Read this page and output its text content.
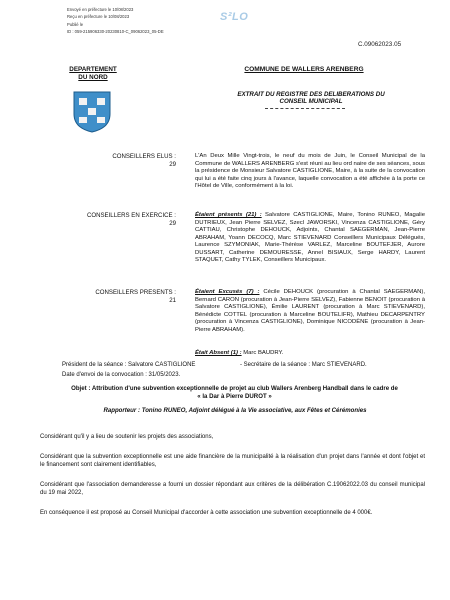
Envoyé en préfecture le 10/08/2023
Reçu en préfecture le 10/08/2023
Publié le
ID : 059-215906330-20230810-C_09062023_05-DE
S²LO
C.09062023.05
DEPARTEMENT
DU NORD
COMMUNE DE WALLERS ARENBERG
EXTRAIT DU REGISTRE DES DELIBERATIONS DU
CONSEIL MUNICIPAL
CONSEILLERS ELUS :
29
L'An Deux Mille Vingt-trois, le neuf du mois de Juin, le Conseil Municipal de la Commune de WALLERS ARENBERG s'est réuni au lieu ord naire de ses séances, sous la présidence de Monsieur Salvatore CASTIGLIONE, Maire, à la suite de la convocation qui lui a été faite cinq jours à l'avance, laquelle convocation a été affichée à la porte ce l'Hôtel de Ville, conformément à la loi.
CONSEILLERS EN EXERCICE :
29
Étaient présents (21) : Salvatore CASTIGLIONE, Maire, Tonino RUNEO, Magalie DUTRIEUX, Jean Pierre SELVEZ, Szecl JAWORSKI, Vincenza CASTIGLIONE, Géry CATTIAU, Christophe DEHOUCK, Adjoints, Chantal SAEGERMAN, Jean-Pierre ABRAHAM, Yoann DECOCQ, Marc STIEVENARD Conseillers Municipaux Délégués, Laurence SZYMONIAK, Marie-Thérèse VARLEZ, Marceline BOUTEFJER, Aurore DUSSART, Catherine DEMOURESSE, Annel BISIAUX, Serge HARDY, Laurent STAQUET, Cathy TYLEK, Conseillers Municipaux.
CONSEILLERS PRESENTS :
21
Étaient Excusés (7) : Cécile DEHOUCK (procuration à Chantal SAEGERMAN), Bernard CARON (procuration à Jean-Pierre SELVEZ), Fabienne BENOIT (procuration à Salvatore CASTIGLIONE), Émilie LAURENT (procuration à Marc STIEVENARD), Bénédicte COTTEL (procuration à Marceline BOUTELIFR), Mathieu DECARPENTRY (procuration à Vincenza CASTIGLIONE), Dominique NICODÈNE (procuration à Jean-Pierre ABRAHAM).
Était Absent (1) : Marc BAUDRY.
Président de la séance : Salvatore CASTIGLIONE	- Secrétaire de la séance : Marc STIEVENARD.
Date d'envoi de la convocation : 31/05/2023.
Objet : Attribution d'une subvention exceptionnelle de projet au club Wallers Arenberg Handball dans le cadre de
« la Dar à Pierre DUROT »
Rapporteur : Tonino RUNEO, Adjoint délégué à la Vie associative, aux Fêtes et Cérémonies
Considérant qu'il y a lieu de soutenir les projets des associations,
Considérant que la subvention exceptionnelle est une aide financière de la municipalité à la réalisation d'un projet dans l'année et dont l'objet et le financement sont clairement identifiables,
Considérant que l'association demanderesse a fourni un dossier répondant aux critères de la délibération C.19062022.03 du conseil municipal du 19 mai 2022,
En conséquence il est proposé au Conseil Municipal d'accorder à cette association une subvention exceptionnelle de 4 000€.
